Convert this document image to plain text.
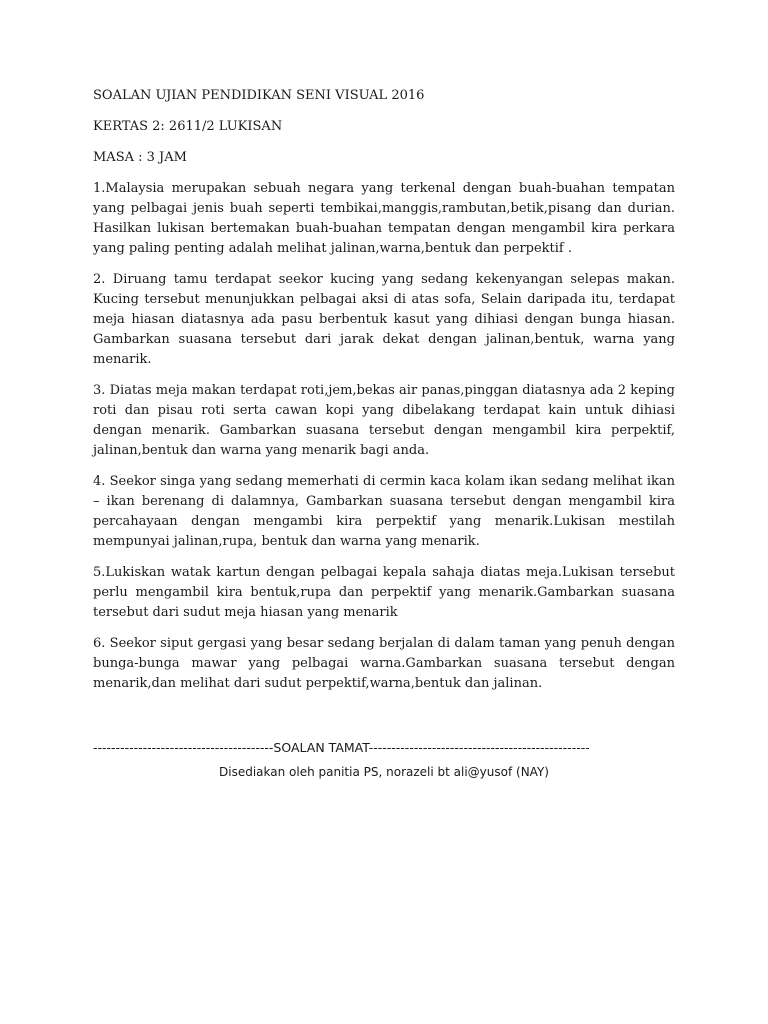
SOALAN UJIAN PENDIDIKAN SENI VISUAL 2016

KERTAS 2: 2611/2 LUKISAN

MASA : 3 JAM

1.Malaysia merupakan sebuah negara yang terkenal dengan buah-buahan tempatan yang pelbagai jenis buah seperti tembikai,manggis,rambutan,betik,pisang dan durian. Hasilkan lukisan bertemakan buah-buahan tempatan dengan mengambil kira perkara yang paling penting adalah melihat jalinan,warna,bentuk dan perpektif .

2. Diruang tamu terdapat seekor kucing yang sedang kekenyangan selepas makan. Kucing tersebut menunjukkan pelbagai aksi di atas sofa, Selain daripada itu, terdapat meja hiasan diatasnya ada pasu berbentuk kasut yang dihiasi dengan bunga hiasan. Gambarkan suasana tersebut dari jarak dekat dengan jalinan,bentuk, warna yang menarik.

3. Diatas meja makan terdapat roti,jem,bekas air panas,pinggan diatasnya ada 2 keping roti dan pisau roti serta cawan kopi yang dibelakang terdapat kain untuk dihiasi dengan menarik. Gambarkan suasana tersebut dengan mengambil kira perpektif, jalinan,bentuk dan warna yang menarik bagi anda.

4. Seekor singa yang sedang memerhati di cermin kaca kolam ikan sedang melihat ikan – ikan berenang di dalamnya, Gambarkan suasana tersebut dengan mengambil kira percahayaan dengan mengambi kira perpektif yang menarik.Lukisan mestilah mempunyai jalinan,rupa, bentuk dan warna yang menarik.

5.Lukiskan watak kartun dengan pelbagai kepala sahaja diatas meja.Lukisan tersebut perlu mengambil kira bentuk,rupa dan perpektif yang menarik.Gambarkan suasana tersebut dari sudut meja hiasan yang menarik

6. Seekor siput gergasi yang besar sedang berjalan di dalam taman yang penuh dengan bunga-bunga mawar yang pelbagai warna.Gambarkan suasana tersebut dengan menarik,dan melihat dari sudut perpektif,warna,bentuk dan jalinan.

----------------------------------------SOALAN TAMAT-------------------------------------------------

Disediakan oleh panitia PS, norazeli bt ali@yusof (NAY)
